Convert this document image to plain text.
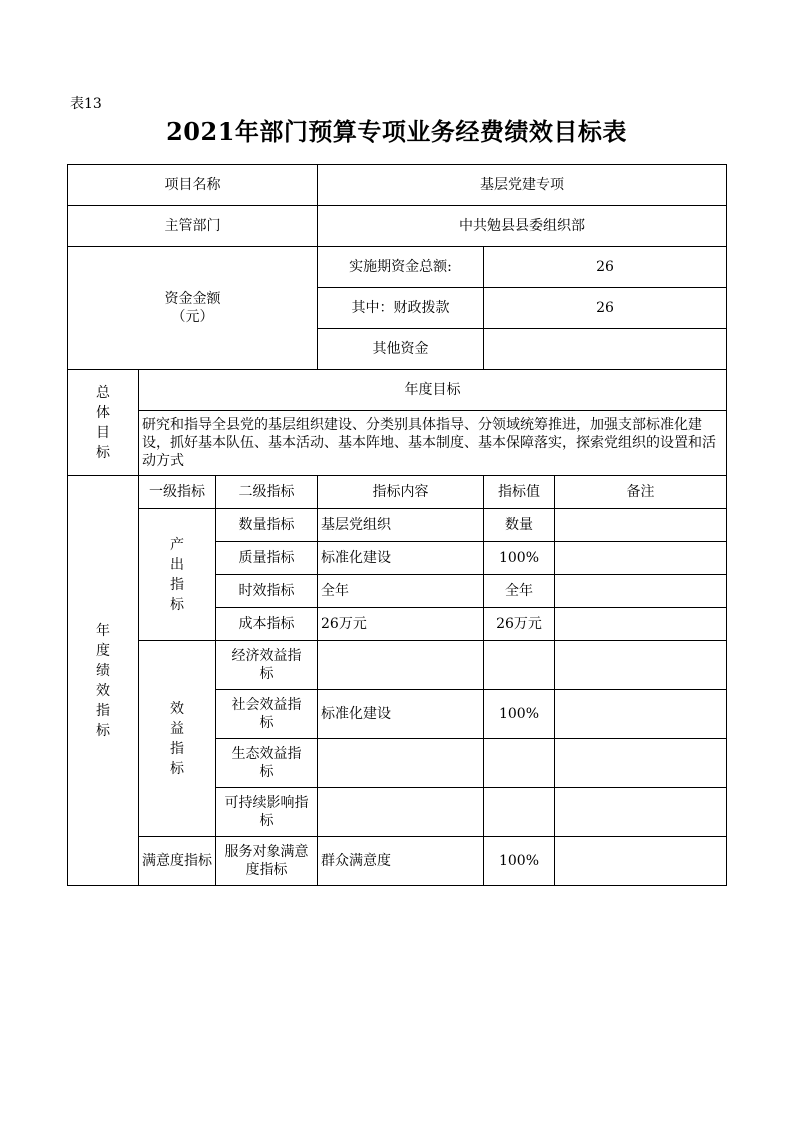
表13
2021年部门预算专项业务经费绩效目标表
项目名称			基层党建专项		
主管部门			中共勉县县委组织部		

资金金额
（元）			实施期资金总额:	26	
			其中：财政拨款	26	
			其他资金		
总体目标	年度目标				
	研究和指导全县党的基层组织建设、分类别具体指导、分领域统筹推进，加强支部标准化建设，抓好基本队伍、基本活动、基本阵地、基本制度、基本保障落实，探索党组织的设置和活动方式				
年度绩效指标	一级指标	二级指标	指标内容	指标值	备注
	产出指标	数量指标	基层党组织	数量	
		质量指标	标准化建设	100%	
		时效指标	全年	全年	
		成本指标	26万元	26万元	
	效益指标	经济效益指标			

		社会效益指标	标准化建设	100%	

		生态效益指标			

		可持续影响指标			

	满意度指标	服务对象满意度指标	群众满意度	100%	
